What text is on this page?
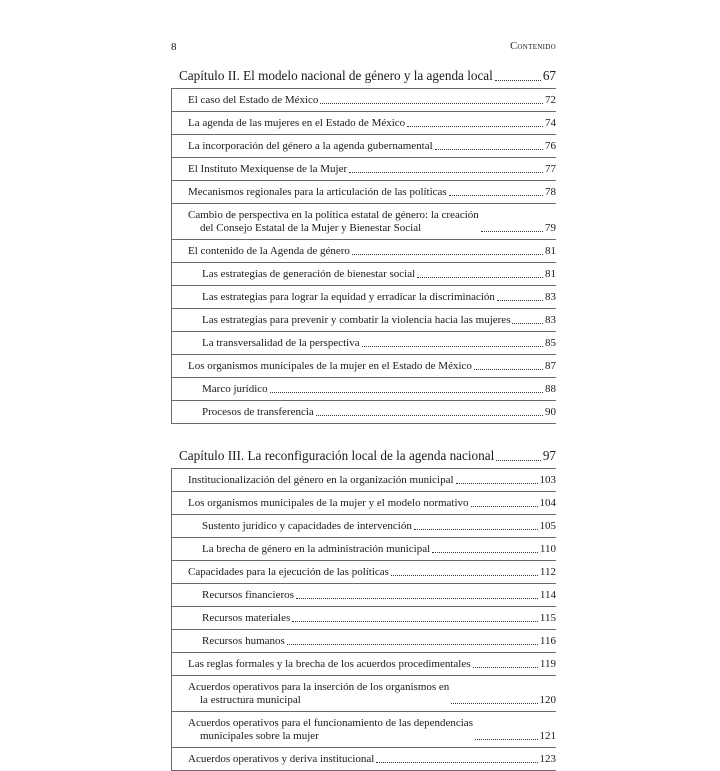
8	Contenido
Capítulo II. El modelo nacional de género y la agenda local	67
El caso del Estado de México	72
La agenda de las mujeres en el Estado de México	74
La incorporación del género a la agenda gubernamental	76
El Instituto Mexiquense de la Mujer	77
Mecanismos regionales para la articulación de las políticas	78
Cambio de perspectiva en la política estatal de género: la creación
del Consejo Estatal de la Mujer y Bienestar Social	79
El contenido de la Agenda de género	81
Las estrategias de generación de bienestar social	81
Las estrategias para lograr la equidad y erradicar la discriminación	83
Las estrategias para prevenir y combatir la violencia hacia las mujeres	83
La transversalidad de la perspectiva	85
Los organismos municipales de la mujer en el Estado de México	87
Marco jurídico	88
Procesos de transferencia	90
Capítulo III. La reconfiguración local de la agenda nacional	97
Institucionalización del género en la organización municipal	103
Los organismos municipales de la mujer y el modelo normativo	104
Sustento jurídico y capacidades de intervención	105
La brecha de género en la administración municipal	110
Capacidades para la ejecución de las políticas	112
Recursos financieros	114
Recursos materiales	115
Recursos humanos	116
Las reglas formales y la brecha de los acuerdos procedimentales	119
Acuerdos operativos para la inserción de los organismos en
la estructura municipal	120
Acuerdos operativos para el funcionamiento de las dependencias
municipales sobre la mujer	121
Acuerdos operativos y deriva institucional	123
